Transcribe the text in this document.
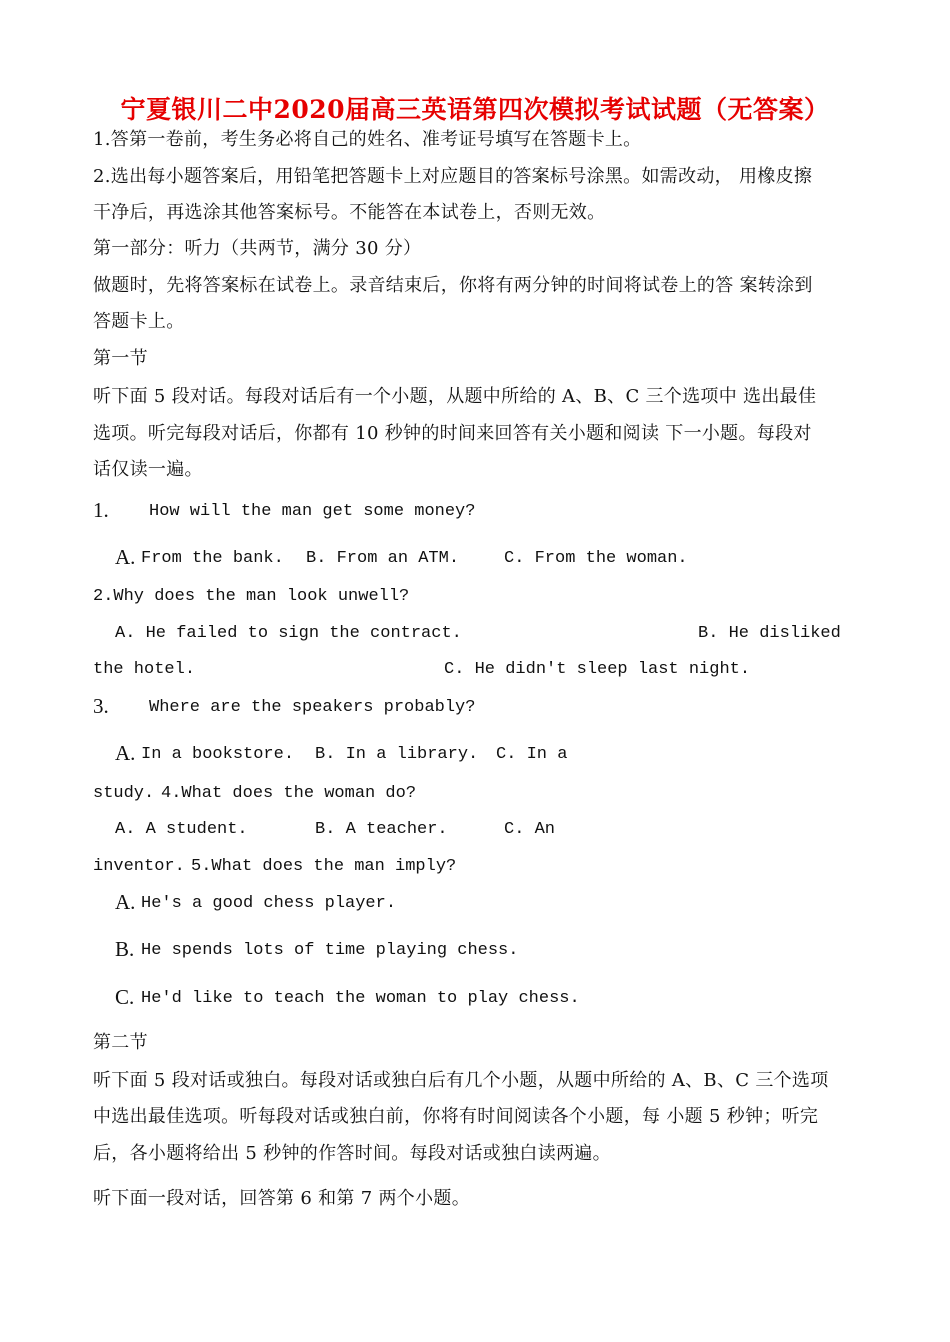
宁夏银川二中2020届高三英语第四次模拟考试试题（无答案）
1.答第一卷前，考生务必将自己的姓名、准考证号填写在答题卡上。
2.选出每小题答案后，用铅笔把答题卡上对应题目的答案标号涂黑。如需改动， 用橡皮擦
干净后，再选涂其他答案标号。不能答在本试卷上，否则无效。
第一部分：听力（共两节，满分 30 分）
做题时，先将答案标在试卷上。录音结束后，你将有两分钟的时间将试卷上的答 案转涂到
答题卡上。
第一节
听下面 5 段对话。每段对话后有一个小题，从题中所给的 A、B、C 三个选项中 选出最佳
选项。听完每段对话后，你都有 10 秒钟的时间来回答有关小题和阅读 下一小题。每段对
话仅读一遍。
1. How will the man get some money?
A. From the bank. B. From an ATM.	C. From the woman.
2.Why does the man look unwell?
A. He failed to sign the contract.	B. He disliked
the hotel.	C. He didn't sleep last night.
3. Where are the speakers probably?
A. In a bookstore. B. In a library. C. In a
study. 4.What does the woman do?
A. A student.	B. A teacher.	C. An
inventor. 5.What does the man imply?
A. He's a good chess player.
B. He spends lots of time playing chess.
C. He'd like to teach the woman to play chess.
第二节
听下面 5 段对话或独白。每段对话或独白后有几个小题，从题中所给的 A、B、C 三个选项
中选出最佳选项。听每段对话或独白前，你将有时间阅读各个小题，每 小题 5 秒钟；听完
后，各小题将给出 5 秒钟的作答时间。每段对话或独白读两遍。
听下面一段对话，回答第 6 和第 7 两个小题。
